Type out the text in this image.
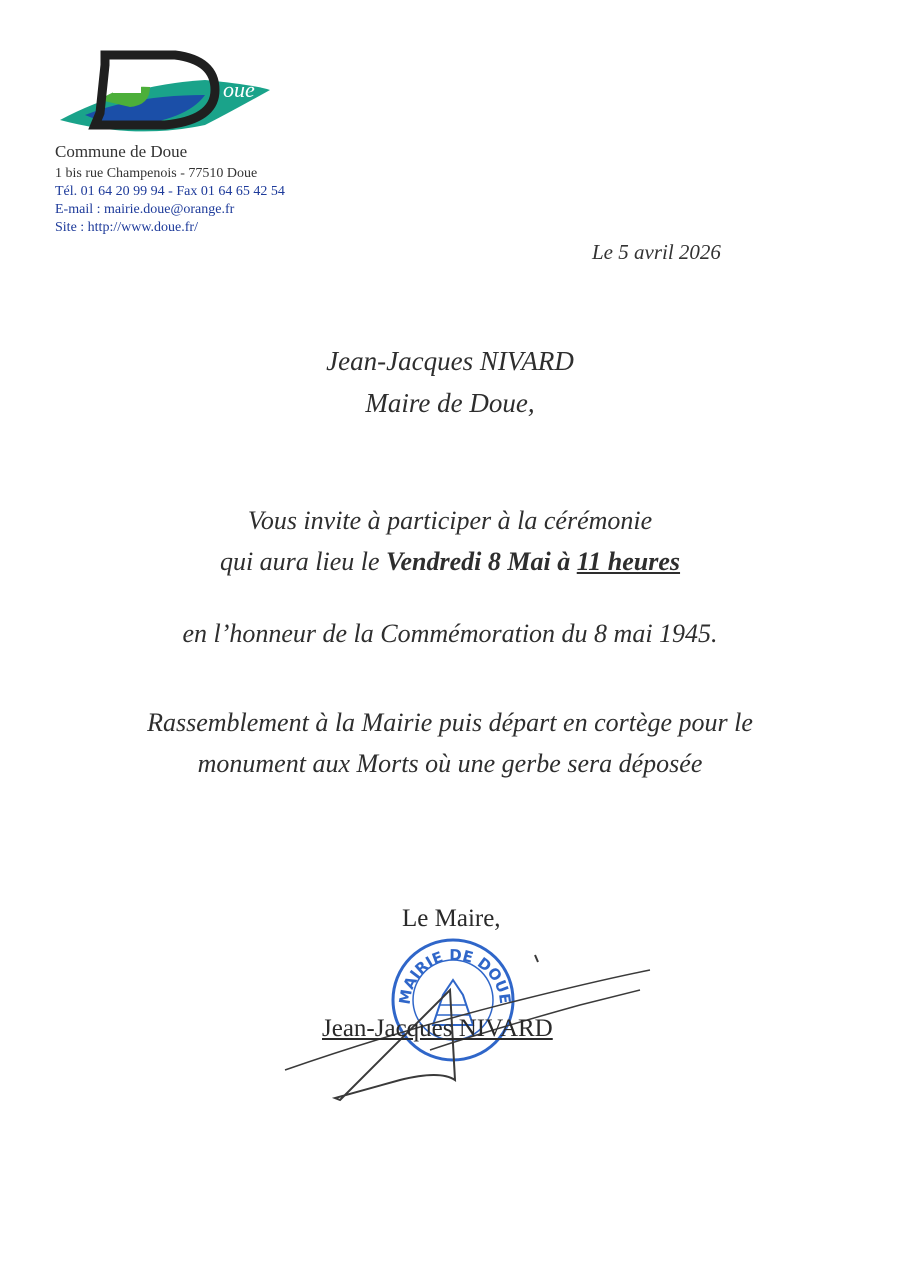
oue

Commune de Doue

1 bis rue Champenois - 77510 Doue

Tél. 01 64 20 99 94 - Fax 01 64 65 42 54

E-mail : mairie.doue@orange.fr

Site : http://www.doue.fr/

Le 5 avril 2026
Jean-Jacques NIVARD
Maire de Doue,
Vous invite à participer à la cérémonie
qui aura lieu le Vendredi 8 Mai à 11 heures
en l’honneur de la Commémoration du 8 mai 1945.
Rassemblement à la Mairie puis départ en cortège pour le
monument aux Morts où une gerbe sera déposée
Le Maire,
MAIRIE DE DOUE
Jean-Jacques NIVARD
